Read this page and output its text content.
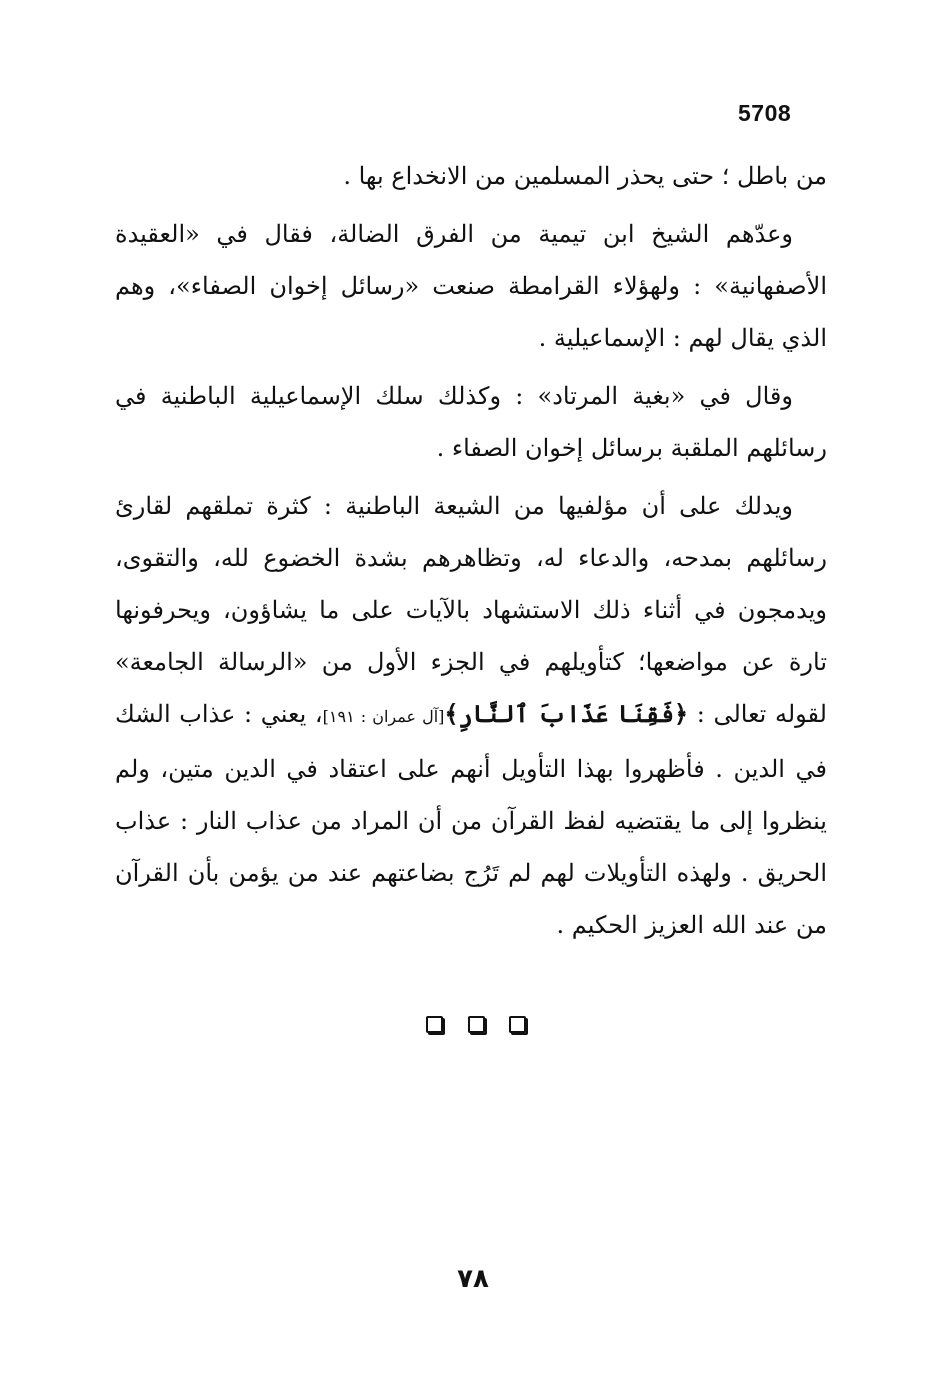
5708

من باطل ؛ حتى يحذر المسلمين من الانخداع بها .

وعدّهم الشيخ ابن تيمية من الفرق الضالة، فقال في «العقيدة الأصفهانية» : ولهؤلاء القرامطة صنعت «رسائل إخوان الصفاء»، وهم الذي يقال لهم : الإسماعيلية .

وقال في «بغية المرتاد» : وكذلك سلك الإسماعيلية الباطنية في رسائلهم الملقبة برسائل إخوان الصفاء .

ويدلك على أن مؤلفيها من الشيعة الباطنية : كثرة تملقهم لقارئ رسائلهم بمدحه، والدعاء له، وتظاهرهم بشدة الخضوع لله، والتقوى، ويدمجون في أثناء ذلك الاستشهاد بالآيات على ما يشاؤون، ويحرفونها تارة عن مواضعها؛ كتأويلهم في الجزء الأول من «الرسالة الجامعة» لقوله تعالى : ﴿فَقِنَا عَذَابَ ٱلنَّارِ﴾[آل عمران : ١٩١]، يعني : عذاب الشك في الدين . فأظهروا بهذا التأويل أنهم على اعتقاد في الدين متين، ولم ينظروا إلى ما يقتضيه لفظ القرآن من أن المراد من عذاب النار : عذاب الحريق . ولهذه التأويلات لهم لم تَرُج بضاعتهم عند من يؤمن بأن القرآن من عند الله العزيز الحكيم .

٧٨
